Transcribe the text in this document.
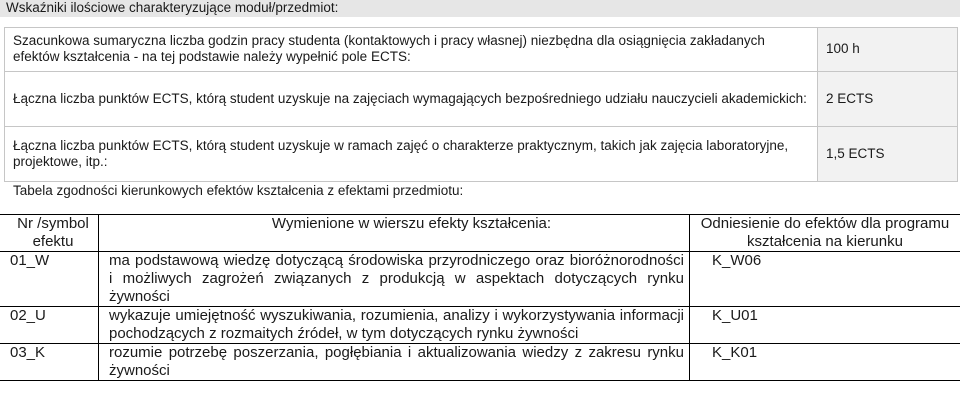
Wskaźniki ilościowe charakteryzujące moduł/przedmiot:
Szacunkowa sumaryczna liczba godzin pracy studenta (kontaktowych i pracy własnej) niezbędna dla osiągnięcia zakładanych efektów kształcenia - na tej podstawie należy wypełnić pole ECTS:	100 h
Łączna liczba punktów ECTS, którą student uzyskuje na zajęciach wymagających bezpośredniego udziału nauczycieli akademickich:	2 ECTS
Łączna liczba punktów ECTS, którą student uzyskuje w ramach zajęć o charakterze praktycznym, takich jak zajęcia laboratoryjne, projektowe, itp.:	1,5 ECTS
Tabela zgodności kierunkowych efektów kształcenia z efektami przedmiotu:
Nr /symbol efektu	Wymienione w wierszu efekty kształcenia:	Odniesienie do efektów dla programu kształcenia na kierunku
01_W	ma podstawową wiedzę dotyczącą środowiska przyrodniczego oraz bioróżnorodności i możliwych zagrożeń związanych z produkcją w aspektach dotyczących rynku żywności	K_W06
02_U	wykazuje umiejętność wyszukiwania, rozumienia, analizy i wykorzystywania informacji pochodzących z rozmaitych źródeł, w tym dotyczących rynku żywności	K_U01
03_K	rozumie potrzebę poszerzania, pogłębiania i aktualizowania wiedzy z zakresu rynku żywności	K_K01
